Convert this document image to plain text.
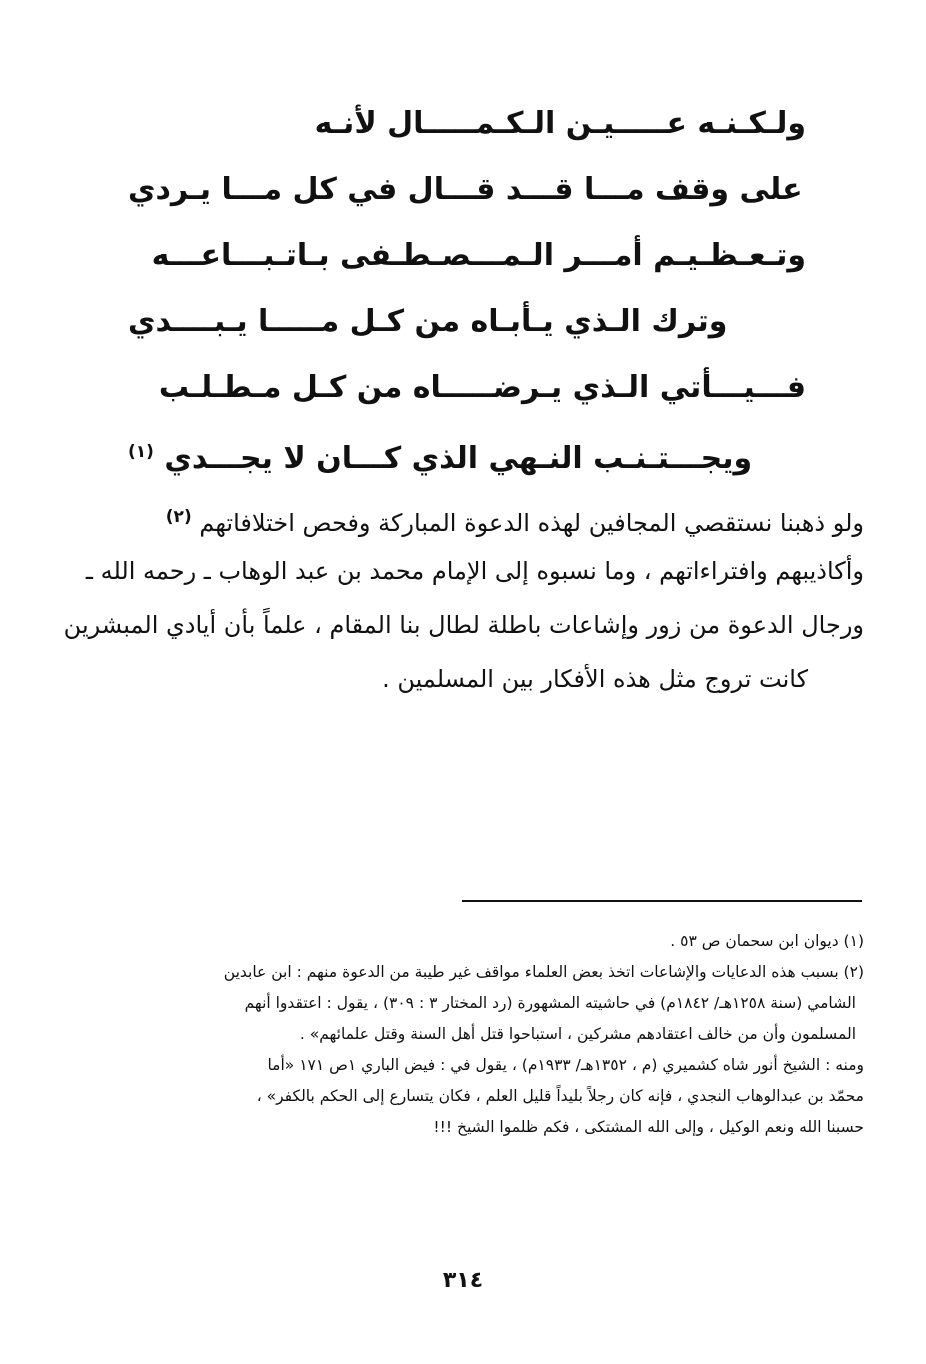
ولـكـنـه عـــــيـن الـكـمـــــال لأنـه
على وقف مـــا قـــد قـــال في كل مـــا يـردي
وتـعـظـيـم أمـــر الـمـــصـطـفى بـاتـبـــاعـــه
وترك الـذي يـأبـاه من كـل مـــــا يـبــــدي
فـــيـــأتي الـذي يـرضـــــاه من كـل مـطـلـب
ويجـــتـنـب النـهي الذي كـــان لا يجـــدي $^{(١)}$
ولو ذهبنا نستقصي المجافين لهذه الدعوة المباركة وفحص اختلافاتهم $^{(٢)}$
وأكاذيبهم وافتراءاتهم ، وما نسبوه إلى الإمام محمد بن عبد الوهاب ـ رحمه الله ـ
ورجال الدعوة من زور وإشاعات باطلة لطال بنا المقام ، علماً بأن أيادي المبشرين
كانت تروج مثل هذه الأفكار بين المسلمين .
(١) ديوان ابن سحمان ص ٥٣ .
(٢) بسبب هذه الدعايات والإشاعات اتخذ بعض العلماء مواقف غير طيبة من الدعوة منهم : ابن عابدين
الشامي (سنة ١٢٥٨هـ/ ١٨٤٢م) في حاشيته المشهورة (رد المختار ٣ : ٣٠٩) ، يقول : اعتقدوا أنهم
المسلمون وأن من خالف اعتقادهم مشركين ، استباحوا قتل أهل السنة وقتل علمائهم» .
ومنه : الشيخ أنور شاه كشميري (م ، ١٣٥٢هـ/ ١٩٣٣م) ، يقول في : فيض الباري ١ص ١٧١ «أما
محمّد بن عبدالوهاب النجدي ، فإنه كان رجلاً بليداً قليل العلم ، فكان يتسارع إلى الحكم بالكفر» ،
حسبنا الله ونعم الوكيل ، وإلى الله المشتكى ، فكم ظلموا الشيخ !!!
٣١٤
